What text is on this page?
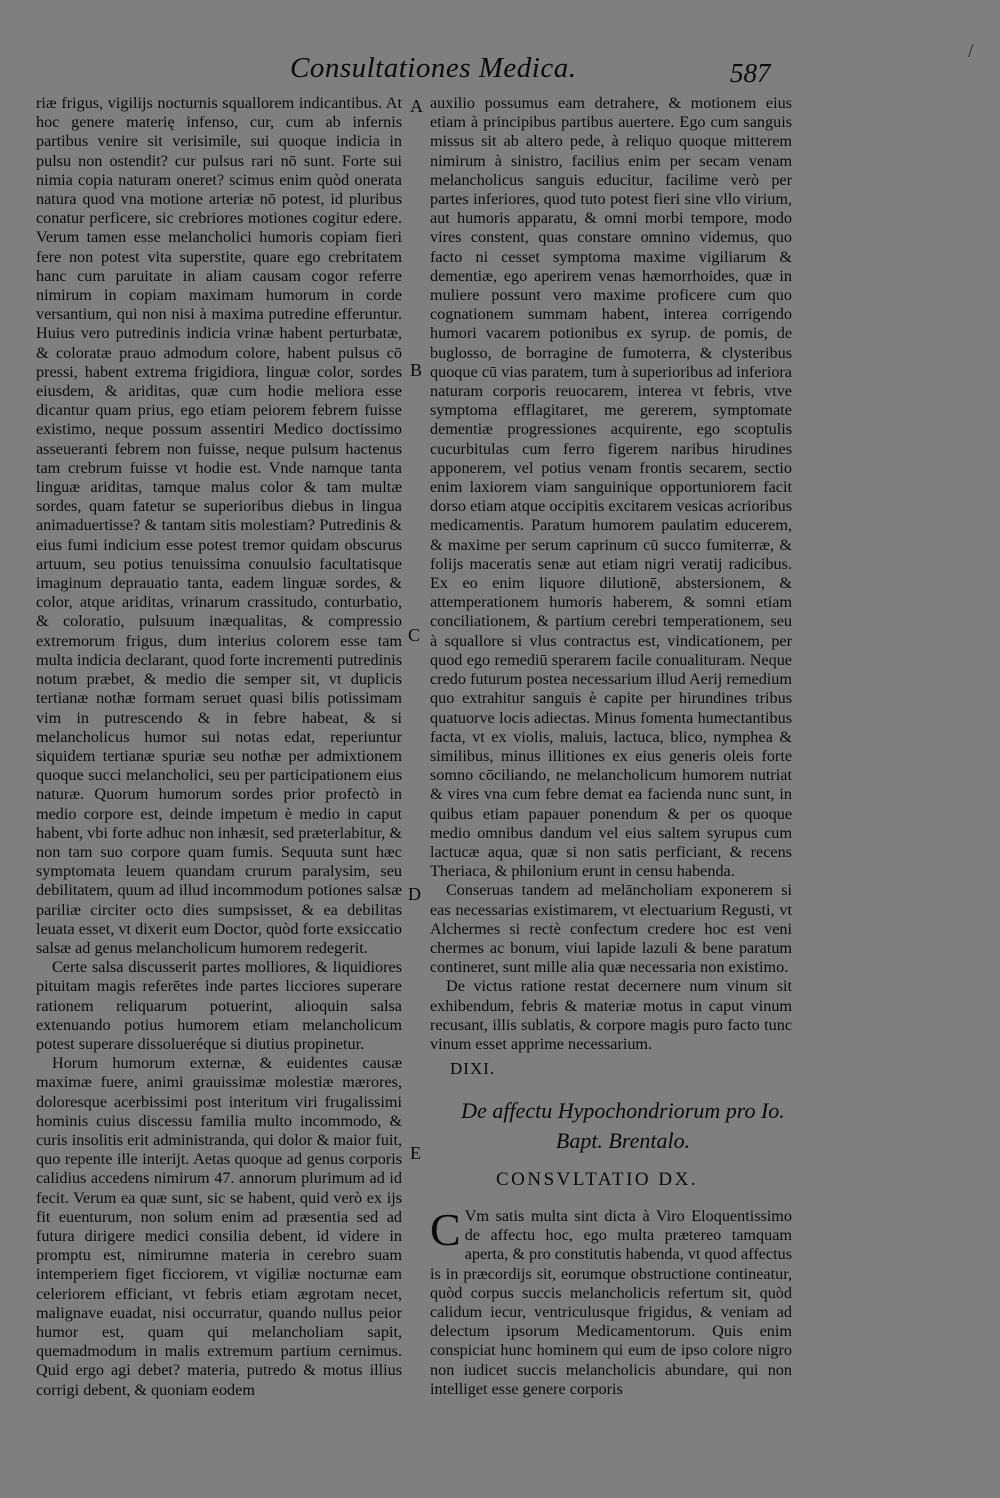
Consultationes Medica.	587
/

riæ frigus, vigilijs nocturnis squallorem indicantibus. At hoc genere materię infenso, cur, cum ab infernis partibus venire sit verisimile, sui quoque indicia in pulsu non ostendit? cur pulsus rari nō sunt. Forte sui nimia copia naturam oneret? scimus enim quòd onerata natura quod vna motione arteriæ nō potest, id pluribus conatur perficere, sic crebriores motiones cogitur edere. Verum tamen esse melancholici humoris copiam fieri fere non potest vita superstite, quare ego crebritatem hanc cum paruitate in aliam causam cogor referre nimirum in copiam maximam humorum in corde versantium, qui non nisi à maxima putredine efferuntur. Huius vero putredinis indicia vrinæ habent perturbatæ, & coloratæ prauo admodum colore, habent pulsus cō pressi, habent extrema frigidiora, linguæ color, sordes eiusdem, & ariditas, quæ cum hodie meliora esse dicantur quam prius, ego etiam peiorem febrem fuisse existimo, neque possum assentiri Medico doctissimo asseueranti febrem non fuisse, neque pulsum hactenus tam crebrum fuisse vt hodie est. Vnde namque tanta linguæ ariditas, tamque malus color & tam multæ sordes, quam fatetur se superioribus diebus in lingua animaduertisse? & tantam sitis molestiam? Putredinis & eius fumi indicium esse potest tremor quidam obscurus artuum, seu potius tenuissima conuulsio facultatisque imaginum deprauatio tanta, eadem linguæ sordes, & color, atque ariditas, vrinarum crassitudo, conturbatio, & coloratio, pulsuum inæqualitas, & compressio extremorum frigus, dum interius colorem esse tam multa indicia declarant, quod forte incrementi putredinis notum præbet, & medio die semper sit, vt duplicis tertianæ nothæ formam seruet quasi bilis potissimam vim in putrescendo & in febre habeat, & si melancholicus humor sui notas edat, reperiuntur siquidem tertianæ spuriæ seu nothæ per admixtionem quoque succi melancholici, seu per participationem eius naturæ. Quorum humorum sordes prior profectò in medio corpore est, deinde impetum è medio in caput habent, vbi forte adhuc non inhæsit, sed præterlabitur, & non tam suo corpore quam fumis. Sequuta sunt hæc symptomata leuem quandam crurum paralysim, seu debilitatem, quum ad illud incommodum potiones salsæ pariliæ circiter octo dies sumpsisset, & ea debilitas leuata esset, vt dixerit eum Doctor, quòd forte exsiccatio salsæ ad genus melancholicum humorem redegerit.

Certe salsa discusserit partes molliores, & liquidiores pituitam magis referētes inde partes licciores superare rationem reliquarum potuerint, alioquin salsa extenuando potius humorem etiam melancholicum potest superare dissolueréque si diutius propinetur.

Horum humorum externæ, & euidentes causæ maximæ fuere, animi grauissimæ molestiæ mærores, doloresque acerbissimi post interitum viri frugalissimi hominis cuius discessu familia multo incommodo, & curis insolitis erit administranda, qui dolor & maior fuit, quo repente ille interijt. Aetas quoque ad genus corporis calidius accedens nimirum 47. annorum plurimum ad id fecit. Verum ea quæ sunt, sic se habent, quid verò ex ijs fit euenturum, non solum enim ad præsentia sed ad futura dirigere medici consilia debent, id videre in promptu est, nimirumne materia in cerebro suam intemperiem figet ficciorem, vt vigiliæ nocturnæ eam celeriorem efficiant, vt febris etiam ægrotam necet, malignave euadat, nisi occurratur, quando nullus peior humor est, quam qui melancholiam sapit, quemadmodum in malis extremum partium cernimus. Quid ergo agi debet? materia, putredo & motus illius corrigi debent, & quoniam eodem

A
B
C
D
E

auxilio possumus eam detrahere, & motionem eius etiam à principibus partibus auertere. Ego cum sanguis missus sit ab altero pede, à reliquo quoque mitterem nimirum à sinistro, facilius enim per secam venam melancholicus sanguis educitur, facilime verò per partes inferiores, quod tuto potest fieri sine vllo virium, aut humoris apparatu, & omni morbi tempore, modo vires constent, quas constare omnino videmus, quo facto ni cesset symptoma maxime vigiliarum & dementiæ, ego aperirem venas hæmorrhoides, quæ in muliere possunt vero maxime proficere cum quo cognationem summam habent, interea corrigendo humori vacarem potionibus ex syrup. de pomis, de buglosso, de borragine de fumoterra, & clysteribus quoque cū vias paratem, tum à superioribus ad inferiora naturam corporis reuocarem, interea vt febris, vtve symptoma efflagitaret, me gererem, symptomate dementiæ progressiones acquirente, ego scoptulis cucurbitulas cum ferro figerem naribus hirudines apponerem, vel potius venam frontis secarem, sectio enim laxiorem viam sanguinique opportuniorem facit dorso etiam atque occipitis excitarem vesicas acrioribus medicamentis. Paratum humorem paulatim educerem, & maxime per serum caprinum cū succo fumiterræ, & folijs maceratis senæ aut etiam nigri veratij radicibus. Ex eo enim liquore dilutionē, abstersionem, & attemperationem humoris haberem, & somni etiam conciliationem, & partium cerebri temperationem, seu à squallore si vlus contractus est, vindicationem, per quod ego remediū sperarem facile conualituram. Neque credo futurum postea necessarium illud Aerij remedium quo extrahitur sanguis è capite per hirundines tribus quatuorve locis adiectas. Minus fomenta humectantibus facta, vt ex violis, maluis, lactuca, blico, nymphea & similibus, minus illitiones ex eius generis oleis forte somno cōciliando, ne melancholicum humorem nutriat & vires vna cum febre demat ea facienda nunc sunt, in quibus etiam papauer ponendum & per os quoque medio omnibus dandum vel eius saltem syrupus cum lactucæ aqua, quæ si non satis perficiant, & recens Theriaca, & philonium erunt in censu habenda.

Conseruas tandem ad melāncholiam exponerem si eas necessarias existimarem, vt electuarium Regusti, vt Alchermes si rectè confectum credere hoc est veni chermes ac bonum, viui lapide lazuli & bene paratum contineret, sunt mille alia quæ necessaria non existimo.

De victus ratione restat decernere num vinum sit exhibendum, febris & materiæ motus in caput vinum recusant, illis sublatis, & corpore magis puro facto tunc vinum esset apprime necessarium.

DIXI.
De affectu Hypochondriorum pro Io.
Bapt. Brentalo.
CONSVLTATIO DX.
C Vm satis multa sint dicta à Viro Eloquentissimo de affectu hoc, ego multa prætereo tamquam aperta, & pro constitutis habenda, vt quod affectus is in præcordijs sit, eorumque obstructione contineatur, quòd corpus succis melancholicis refertum sit, quòd calidum iecur, ventriculusque frigidus, & veniam ad delectum ipsorum Medicamentorum. Quis enim conspiciat hunc hominem qui eum de ipso colore nigro non iudicet succis melancholicis abundare, qui non intelliget esse genere corporis
